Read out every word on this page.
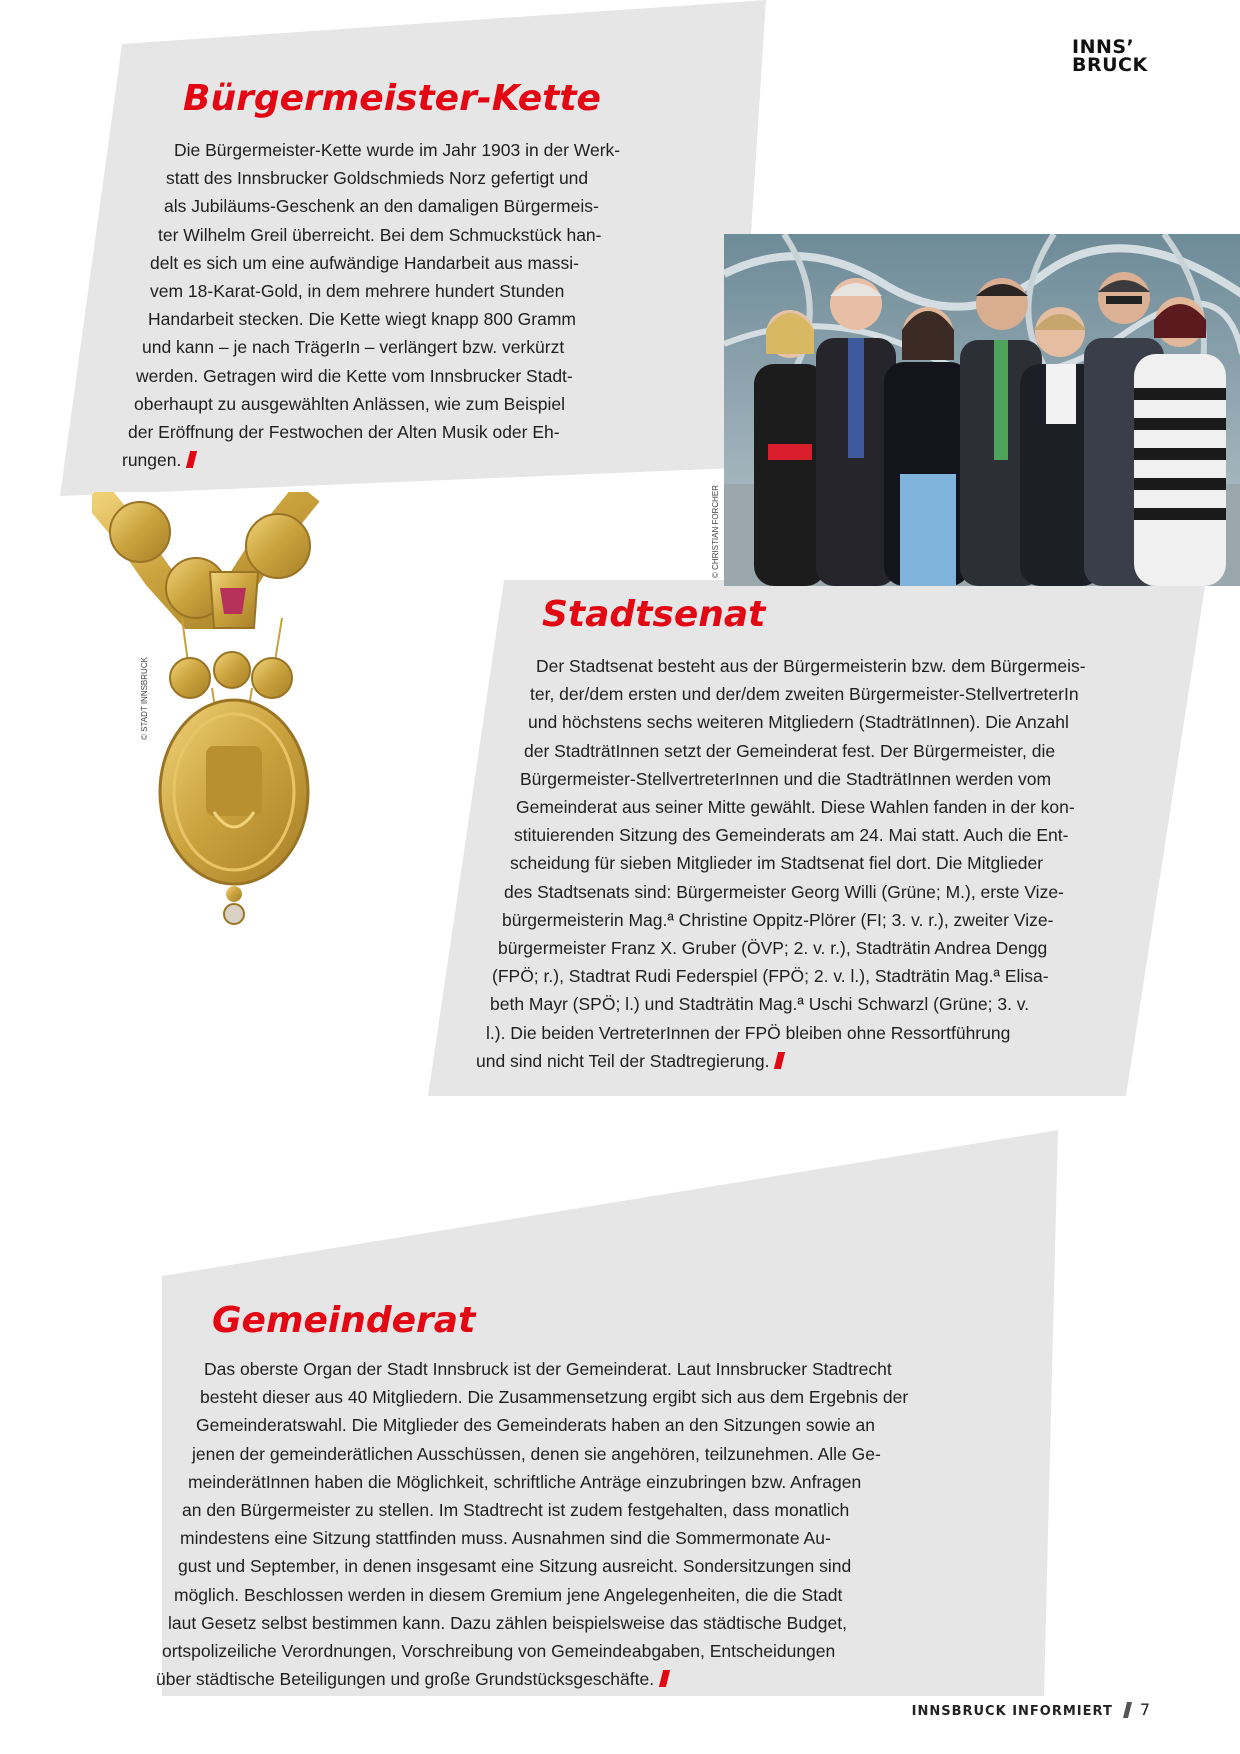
INNS’
BRUCK
Bürgermeister-Kette

Die Bürgermeister-Kette wurde im Jahr 1903 in der Werk-
statt des Innsbrucker Goldschmieds Norz gefertigt und
als Jubiläums-Geschenk an den damaligen Bürgermeis-
ter Wilhelm Greil überreicht. Bei dem Schmuckstück han-
delt es sich um eine aufwändige Handarbeit aus massi-
vem 18-Karat-Gold, in dem mehrere hundert Stunden
Handarbeit stecken. Die Kette wiegt knapp 800 Gramm
und kann – je nach TrägerIn – verlängert bzw. verkürzt
werden. Getragen wird die Kette vom Innsbrucker Stadt-
oberhaupt zu ausgewählten Anlässen, wie zum Beispiel
der Eröffnung der Festwochen der Alten Musik oder Eh-
rungen.

© STADT INNSBRUCK
© CHRISTIAN FORCHER
Stadtsenat

Der Stadtsenat besteht aus der Bürgermeisterin bzw. dem Bürgermeis-
ter, der/dem ersten und der/dem zweiten Bürgermeister-StellvertreterIn
und höchstens sechs weiteren Mitgliedern (StadträtInnen). Die Anzahl
der StadträtInnen setzt der Gemeinderat fest. Der Bürgermeister, die
Bürgermeister-StellvertreterInnen und die StadträtInnen werden vom
Gemeinderat aus seiner Mitte gewählt. Diese Wahlen fanden in der kon-
stituierenden Sitzung des Gemeinderats am 24. Mai statt. Auch die Ent-
scheidung für sieben Mitglieder im Stadtsenat fiel dort. Die Mitglieder
des Stadtsenats sind: Bürgermeister Georg Willi (Grüne; M.), erste Vize-
bürgermeisterin Mag.ª Christine Oppitz-Plörer (FI; 3. v. r.), zweiter Vize-
bürgermeister Franz X. Gruber (ÖVP; 2. v. r.), Stadträtin Andrea Dengg
(FPÖ; r.), Stadtrat Rudi Federspiel (FPÖ; 2. v. l.), Stadträtin Mag.ª Elisa-
beth Mayr (SPÖ; l.) und Stadträtin Mag.ª Uschi Schwarzl (Grüne; 3. v.
l.). Die beiden VertreterInnen der FPÖ bleiben ohne Ressortführung
und sind nicht Teil der Stadtregierung.

Gemeinderat

Das oberste Organ der Stadt Innsbruck ist der Gemeinderat. Laut Innsbrucker Stadtrecht
besteht dieser aus 40 Mitgliedern. Die Zusammensetzung ergibt sich aus dem Ergebnis der
Gemeinderatswahl. Die Mitglieder des Gemeinderats haben an den Sitzungen sowie an
jenen der gemeinderätlichen Ausschüssen, denen sie angehören, teilzunehmen. Alle Ge-
meinderätInnen haben die Möglichkeit, schriftliche Anträge einzubringen bzw. Anfragen
an den Bürgermeister zu stellen. Im Stadtrecht ist zudem festgehalten, dass monatlich
mindestens eine Sitzung stattfinden muss. Ausnahmen sind die Sommermonate Au-
gust und September, in denen insgesamt eine Sitzung ausreicht. Sondersitzungen sind
möglich. Beschlossen werden in diesem Gremium jene Angelegenheiten, die die Stadt
laut Gesetz selbst bestimmen kann. Dazu zählen beispielsweise das städtische Budget,
ortspolizeiliche Verordnungen, Vorschreibung von Gemeindeabgaben, Entscheidungen
über städtische Beteiligungen und große Grundstücksgeschäfte.

INNSBRUCK INFORMIERT 7
